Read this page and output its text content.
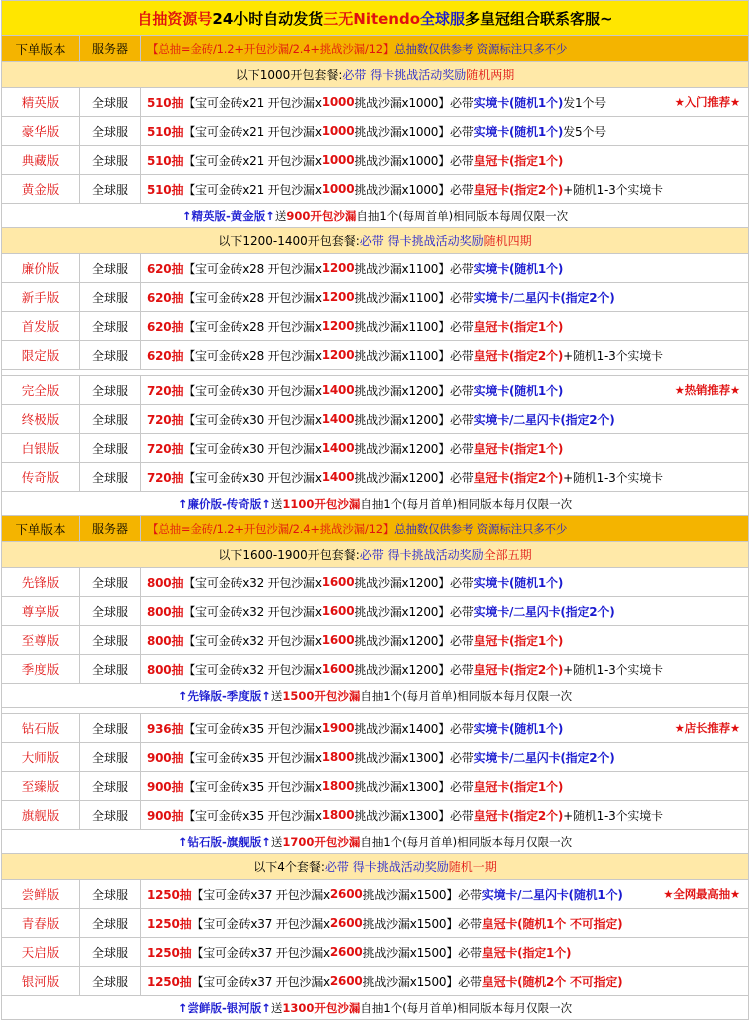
自抽资源号 24小时自动发货 三无Nitendo 全球服 多皇冠组合联系客服~
下单版本	服务器	【 总抽 =金砖/1.2+开包沙漏/2.4+挑战沙漏/12】 总抽数仅供参考 资源标注只多不少
以下1000开包套餐: 必带 得卡挑战活动奖励 随机两期
精英版	全球服	510抽 【宝可金砖x21 开包沙漏x 1000 挑战沙漏x1000】必带 实境卡(随机1个) 发1个号	★入门推荐★
豪华版	全球服	510抽 【宝可金砖x21 开包沙漏x 1000 挑战沙漏x1000】必带 实境卡(随机1个) 发5个号
典藏版	全球服	510抽 【宝可金砖x21 开包沙漏x 1000 挑战沙漏x1000】必带 皇冠卡(指定1个)
黄金版	全球服	510抽 【宝可金砖x21 开包沙漏x 1000 挑战沙漏x1000】必带 皇冠卡(指定2个) +随机1-3个实境卡
↑精英版-黄金版↑ 送 900开包沙漏 自抽1个(每周首单)相同版本每周仅限一次
以下1200-1400开包套餐: 必带 得卡挑战活动奖励 随机四期
廉价版	全球服	620抽 【宝可金砖x28 开包沙漏x 1200 挑战沙漏x1100】必带 实境卡(随机1个)
新手版	全球服	620抽 【宝可金砖x28 开包沙漏x 1200 挑战沙漏x1100】必带 实境卡/二星闪卡(指定2个)
首发版	全球服	620抽 【宝可金砖x28 开包沙漏x 1200 挑战沙漏x1100】必带 皇冠卡(指定1个)
限定版	全球服	620抽 【宝可金砖x28 开包沙漏x 1200 挑战沙漏x1100】必带 皇冠卡(指定2个) +随机1-3个实境卡
完全版	全球服	720抽 【宝可金砖x30 开包沙漏x 1400 挑战沙漏x1200】必带 实境卡(随机1个)	★热销推荐★
终极版	全球服	720抽 【宝可金砖x30 开包沙漏x 1400 挑战沙漏x1200】必带 实境卡/二星闪卡(指定2个)
白银版	全球服	720抽 【宝可金砖x30 开包沙漏x 1400 挑战沙漏x1200】必带 皇冠卡(指定1个)
传奇版	全球服	720抽 【宝可金砖x30 开包沙漏x 1400 挑战沙漏x1200】必带 皇冠卡(指定2个) +随机1-3个实境卡
↑廉价版-传奇版↑ 送 1100开包沙漏 自抽1个(每月首单)相同版本每月仅限一次
下单版本	服务器	【 总抽 =金砖/1.2+开包沙漏/2.4+挑战沙漏/12】 总抽数仅供参考 资源标注只多不少
以下1600-1900开包套餐: 必带 得卡挑战活动奖励 全部五期
先锋版	全球服	800抽 【宝可金砖x32 开包沙漏x 1600 挑战沙漏x1200】必带 实境卡(随机1个)
尊享版	全球服	800抽 【宝可金砖x32 开包沙漏x 1600 挑战沙漏x1200】必带 实境卡/二星闪卡(指定2个)
至尊版	全球服	800抽 【宝可金砖x32 开包沙漏x 1600 挑战沙漏x1200】必带 皇冠卡(指定1个)
季度版	全球服	800抽 【宝可金砖x32 开包沙漏x 1600 挑战沙漏x1200】必带 皇冠卡(指定2个) +随机1-3个实境卡
↑先锋版-季度版↑ 送 1500开包沙漏 自抽1个(每月首单)相同版本每月仅限一次
钻石版	全球服	936抽 【宝可金砖x35 开包沙漏x 1900 挑战沙漏x1400】必带 实境卡(随机1个)	★店长推荐★
大师版	全球服	900抽 【宝可金砖x35 开包沙漏x 1800 挑战沙漏x1300】必带 实境卡/二星闪卡(指定2个)
至臻版	全球服	900抽 【宝可金砖x35 开包沙漏x 1800 挑战沙漏x1300】必带 皇冠卡(指定1个)
旗舰版	全球服	900抽 【宝可金砖x35 开包沙漏x 1800 挑战沙漏x1300】必带 皇冠卡(指定2个) +随机1-3个实境卡
↑钻石版-旗舰版↑ 送 1700开包沙漏 自抽1个(每月首单)相同版本每月仅限一次
以下4个套餐: 必带 得卡挑战活动奖励 随机一期
尝鲜版	全球服	1250抽 【宝可金砖x37 开包沙漏x 2600 挑战沙漏x1500】必带 实境卡/二星闪卡(随机1个)	★全网最高抽★
青春版	全球服	1250抽 【宝可金砖x37 开包沙漏x 2600 挑战沙漏x1500】必带 皇冠卡(随机1个 不可指定)
天启版	全球服	1250抽 【宝可金砖x37 开包沙漏x 2600 挑战沙漏x1500】必带 皇冠卡(指定1个)
银河版	全球服	1250抽 【宝可金砖x37 开包沙漏x 2600 挑战沙漏x1500】必带 皇冠卡(随机2个 不可指定)
↑尝鲜版-银河版↑ 送 1300开包沙漏 自抽1个(每月首单)相同版本每月仅限一次
